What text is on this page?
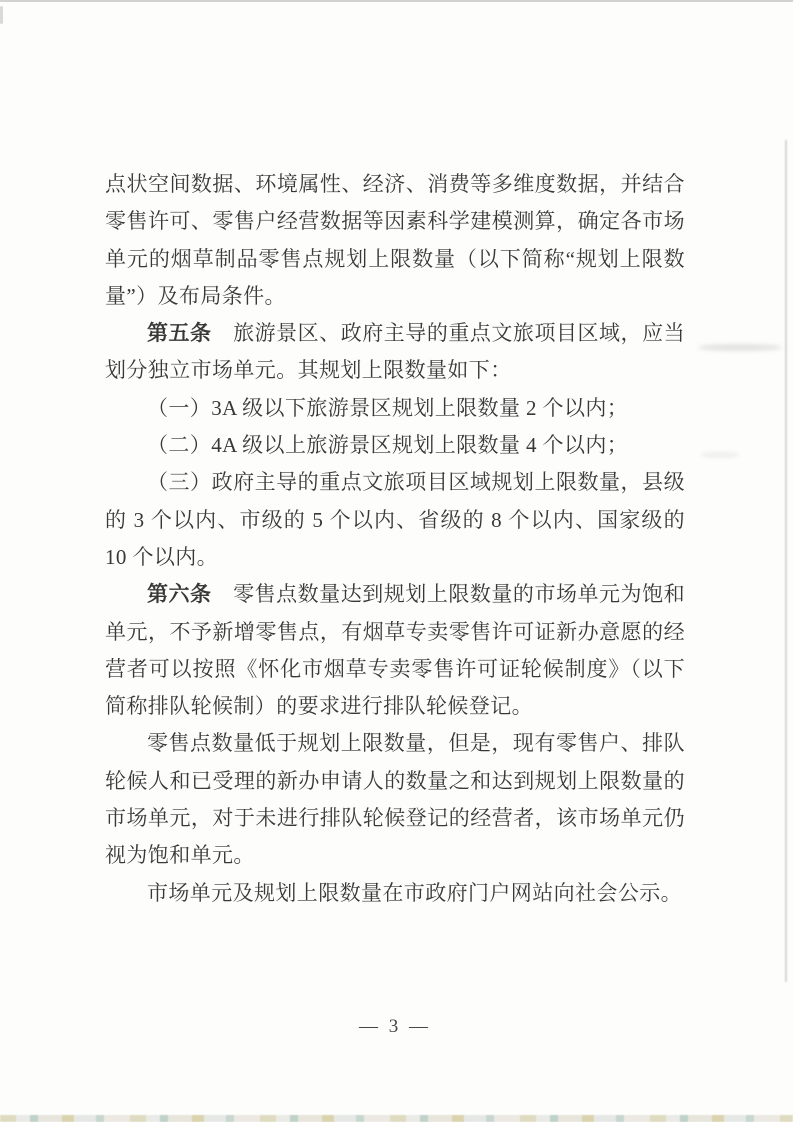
点状空间数据、环境属性、经济、消费等多维度数据，并结合零售许可、零售户经营数据等因素科学建模测算，确定各市场单元的烟草制品零售点规划上限数量（以下简称“规划上限数量”）及布局条件。

第五条　旅游景区、政府主导的重点文旅项目区域，应当划分独立市场单元。其规划上限数量如下：

（一）3A 级以下旅游景区规划上限数量 2 个以内；

（二）4A 级以上旅游景区规划上限数量 4 个以内；

（三）政府主导的重点文旅项目区域规划上限数量，县级的 3 个以内、市级的 5 个以内、省级的 8 个以内、国家级的 10 个以内。

第六条　零售点数量达到规划上限数量的市场单元为饱和单元，不予新增零售点，有烟草专卖零售许可证新办意愿的经营者可以按照《怀化市烟草专卖零售许可证轮候制度》（以下简称排队轮候制）的要求进行排队轮候登记。

零售点数量低于规划上限数量，但是，现有零售户、排队轮候人和已受理的新办申请人的数量之和达到规划上限数量的市场单元，对于未进行排队轮候登记的经营者，该市场单元仍视为饱和单元。

市场单元及规划上限数量在市政府门户网站向社会公示。

— 3 —
